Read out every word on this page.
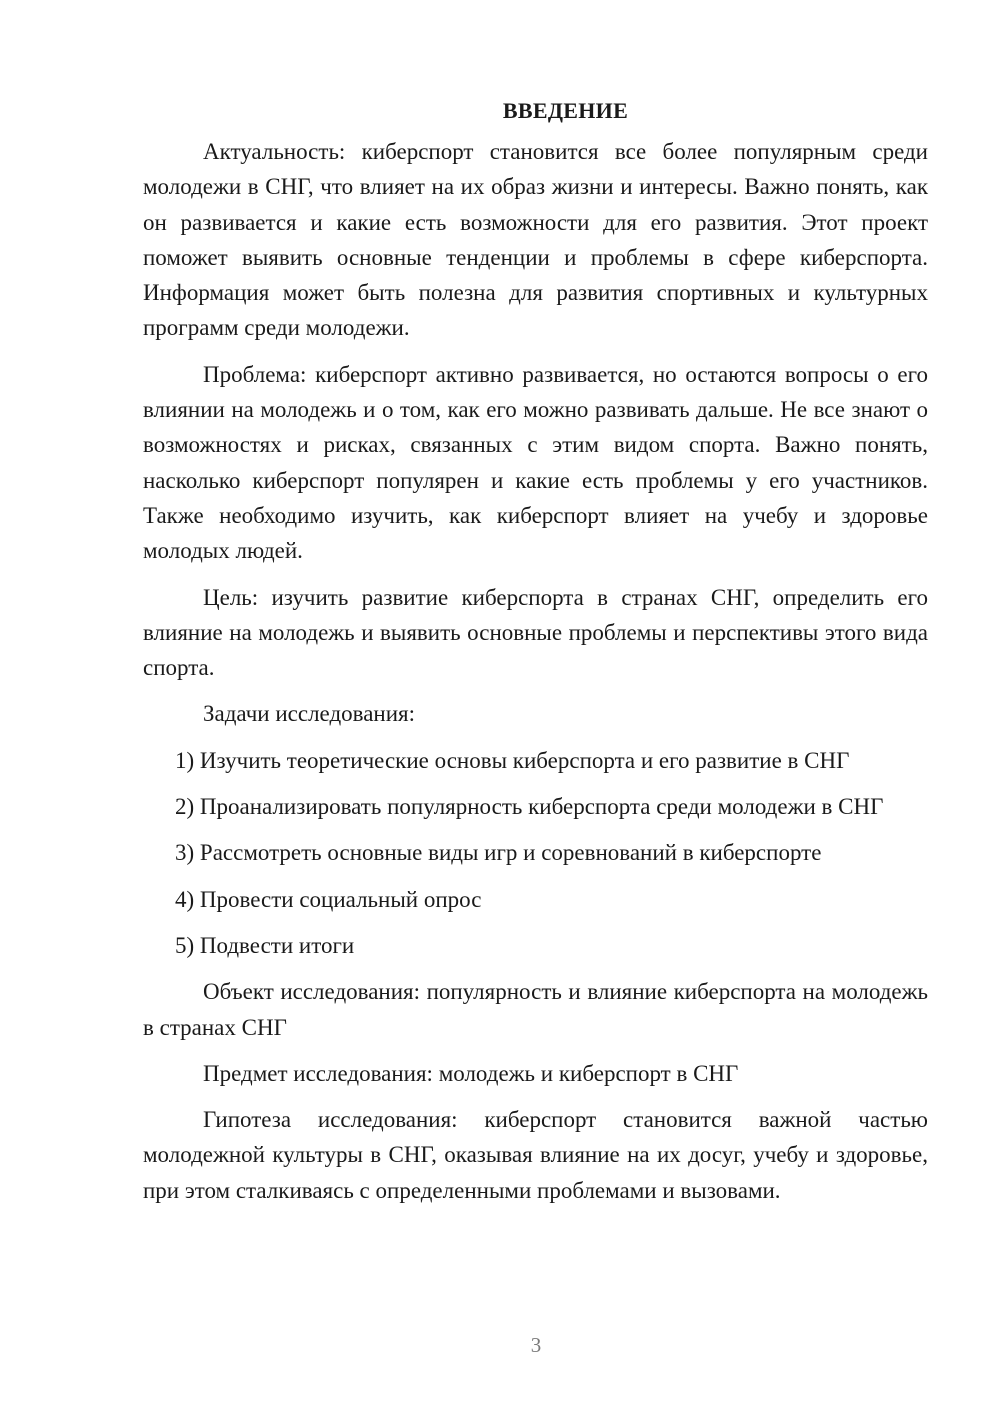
ВВЕДЕНИЕ

Актуальность: киберспорт становится все более популярным среди молодежи в СНГ, что влияет на их образ жизни и интересы. Важно понять, как он развивается и какие есть возможности для его развития. Этот проект поможет выявить основные тенденции и проблемы в сфере киберспорта. Информация может быть полезна для развития спортивных и культурных программ среди молодежи.

Проблема: киберспорт активно развивается, но остаются вопросы о его влиянии на молодежь и о том, как его можно развивать дальше. Не все знают о возможностях и рисках, связанных с этим видом спорта. Важно понять, насколько киберспорт популярен и какие есть проблемы у его участников. Также необходимо изучить, как киберспорт влияет на учебу и здоровье молодых людей.

Цель: изучить развитие киберспорта в странах СНГ, определить его влияние на молодежь и выявить основные проблемы и перспективы этого вида спорта.

Задачи исследования:

1) Изучить теоретические основы киберспорта и его развитие в СНГ

2) Проанализировать популярность киберспорта среди молодежи в СНГ

3) Рассмотреть основные виды игр и соревнований в киберспорте

4) Провести социальный опрос

5) Подвести итоги

Объект исследования: популярность и влияние киберспорта на молодежь в странах СНГ

Предмет исследования: молодежь и киберспорт в СНГ

Гипотеза исследования: киберспорт становится важной частью молодежной культуры в СНГ, оказывая влияние на их досуг, учебу и здоровье, при этом сталкиваясь с определенными проблемами и вызовами.

3
